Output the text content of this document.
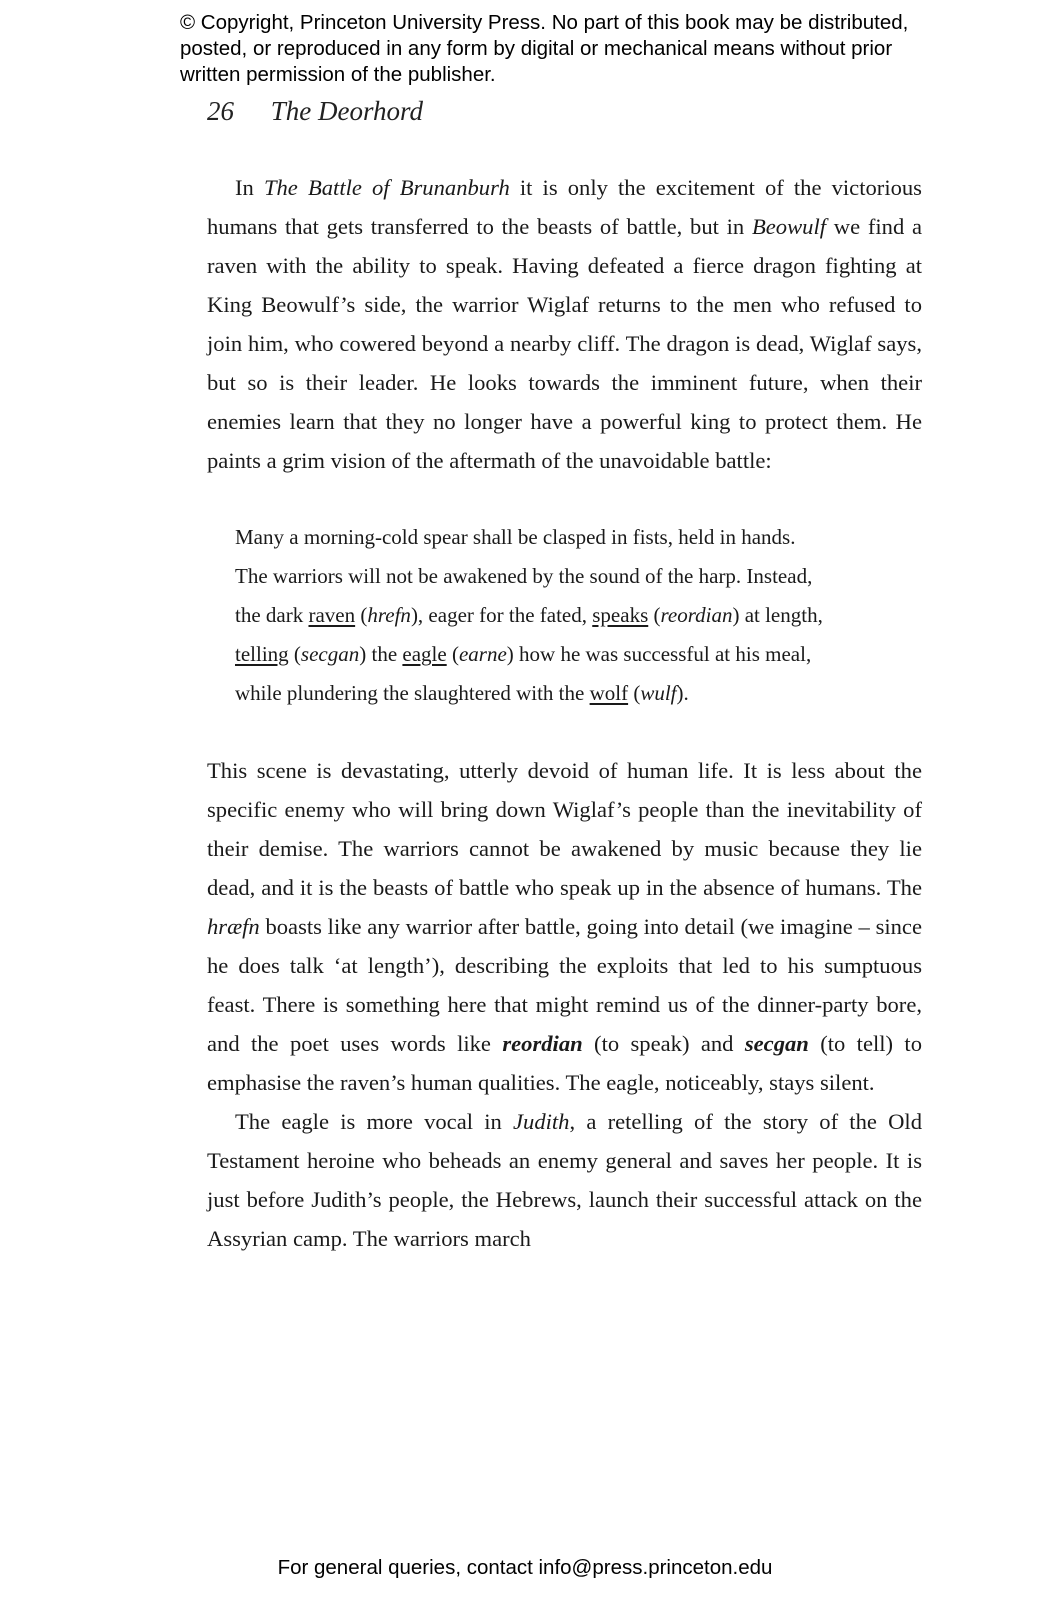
© Copyright, Princeton University Press. No part of this book may be distributed, posted, or reproduced in any form by digital or mechanical means without prior written permission of the publisher.
26 The Deorhord

In The Battle of Brunanburh it is only the excitement of the victorious humans that gets transferred to the beasts of battle, but in Beowulf we find a raven with the ability to speak. Having defeated a fierce dragon fighting at King Beowulf’s side, the warrior Wiglaf returns to the men who refused to join him, who cowered beyond a nearby cliff. The dragon is dead, Wiglaf says, but so is their leader. He looks towards the imminent future, when their enemies learn that they no longer have a powerful king to protect them. He paints a grim vision of the aftermath of the unavoidable battle:

Many a morning-cold spear shall be clasped in fists, held in hands.
The warriors will not be awakened by the sound of the harp. Instead,
the dark raven (hrefn), eager for the fated, speaks (reordian) at length,
telling (secgan) the eagle (earne) how he was successful at his meal,
while plundering the slaughtered with the wolf (wulf).

This scene is devastating, utterly devoid of human life. It is less about the specific enemy who will bring down Wiglaf’s people than the inevitability of their demise. The warriors cannot be awakened by music because they lie dead, and it is the beasts of battle who speak up in the absence of humans. The hræfn boasts like any warrior after battle, going into detail (we imagine – since he does talk ‘at length’), describing the exploits that led to his sumptuous feast. There is something here that might remind us of the dinner-party bore, and the poet uses words like reordian (to speak) and secgan (to tell) to emphasise the raven’s human qualities. The eagle, noticeably, stays silent.

The eagle is more vocal in Judith, a retelling of the story of the Old Testament heroine who beheads an enemy general and saves her people. It is just before Judith’s people, the Hebrews, launch their successful attack on the Assyrian camp. The warriors march

For general queries, contact info@press.princeton.edu
